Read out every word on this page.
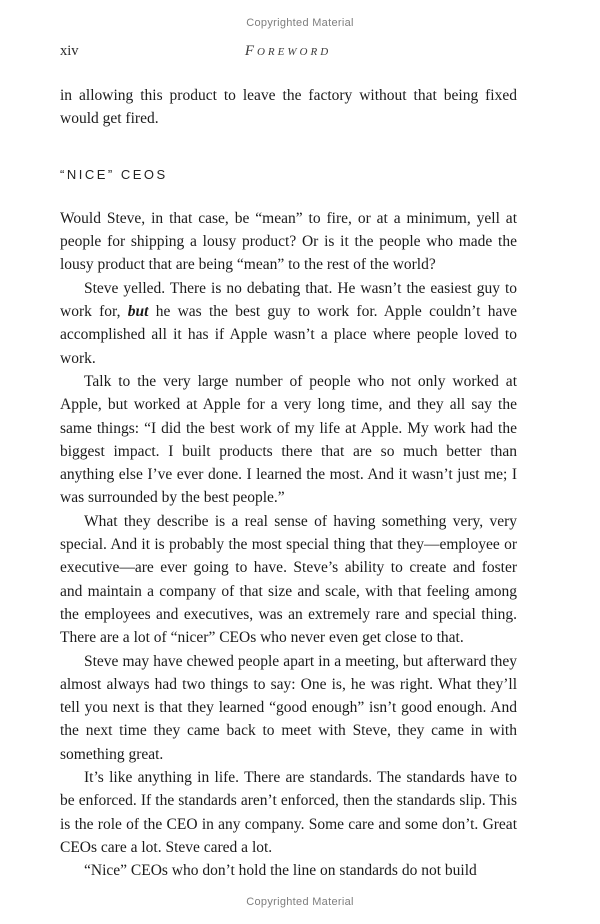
Copyrighted Material
xiv	Foreword

in allowing this product to leave the factory without that being fixed would get fired.

“NICE” CEOS

Would Steve, in that case, be “mean” to fire, or at a minimum, yell at people for shipping a lousy product? Or is it the people who made the lousy product that are being “mean” to the rest of the world?

Steve yelled. There is no debating that. He wasn’t the easiest guy to work for, but he was the best guy to work for. Apple couldn’t have accomplished all it has if Apple wasn’t a place where people loved to work.

Talk to the very large number of people who not only worked at Apple, but worked at Apple for a very long time, and they all say the same things: “I did the best work of my life at Apple. My work had the biggest impact. I built products there that are so much better than anything else I’ve ever done. I learned the most. And it wasn’t just me; I was surrounded by the best people.”

What they describe is a real sense of having something very, very special. And it is probably the most special thing that they—employee or executive—are ever going to have. Steve’s ability to create and foster and maintain a company of that size and scale, with that feeling among the employees and executives, was an extremely rare and special thing. There are a lot of “nicer” CEOs who never even get close to that.

Steve may have chewed people apart in a meeting, but afterward they almost always had two things to say: One is, he was right. What they’ll tell you next is that they learned “good enough” isn’t good enough. And the next time they came back to meet with Steve, they came in with something great.

It’s like anything in life. There are standards. The standards have to be enforced. If the standards aren’t enforced, then the standards slip. This is the role of the CEO in any company. Some care and some don’t. Great CEOs care a lot. Steve cared a lot.

“Nice” CEOs who don’t hold the line on standards do not build

Copyrighted Material
